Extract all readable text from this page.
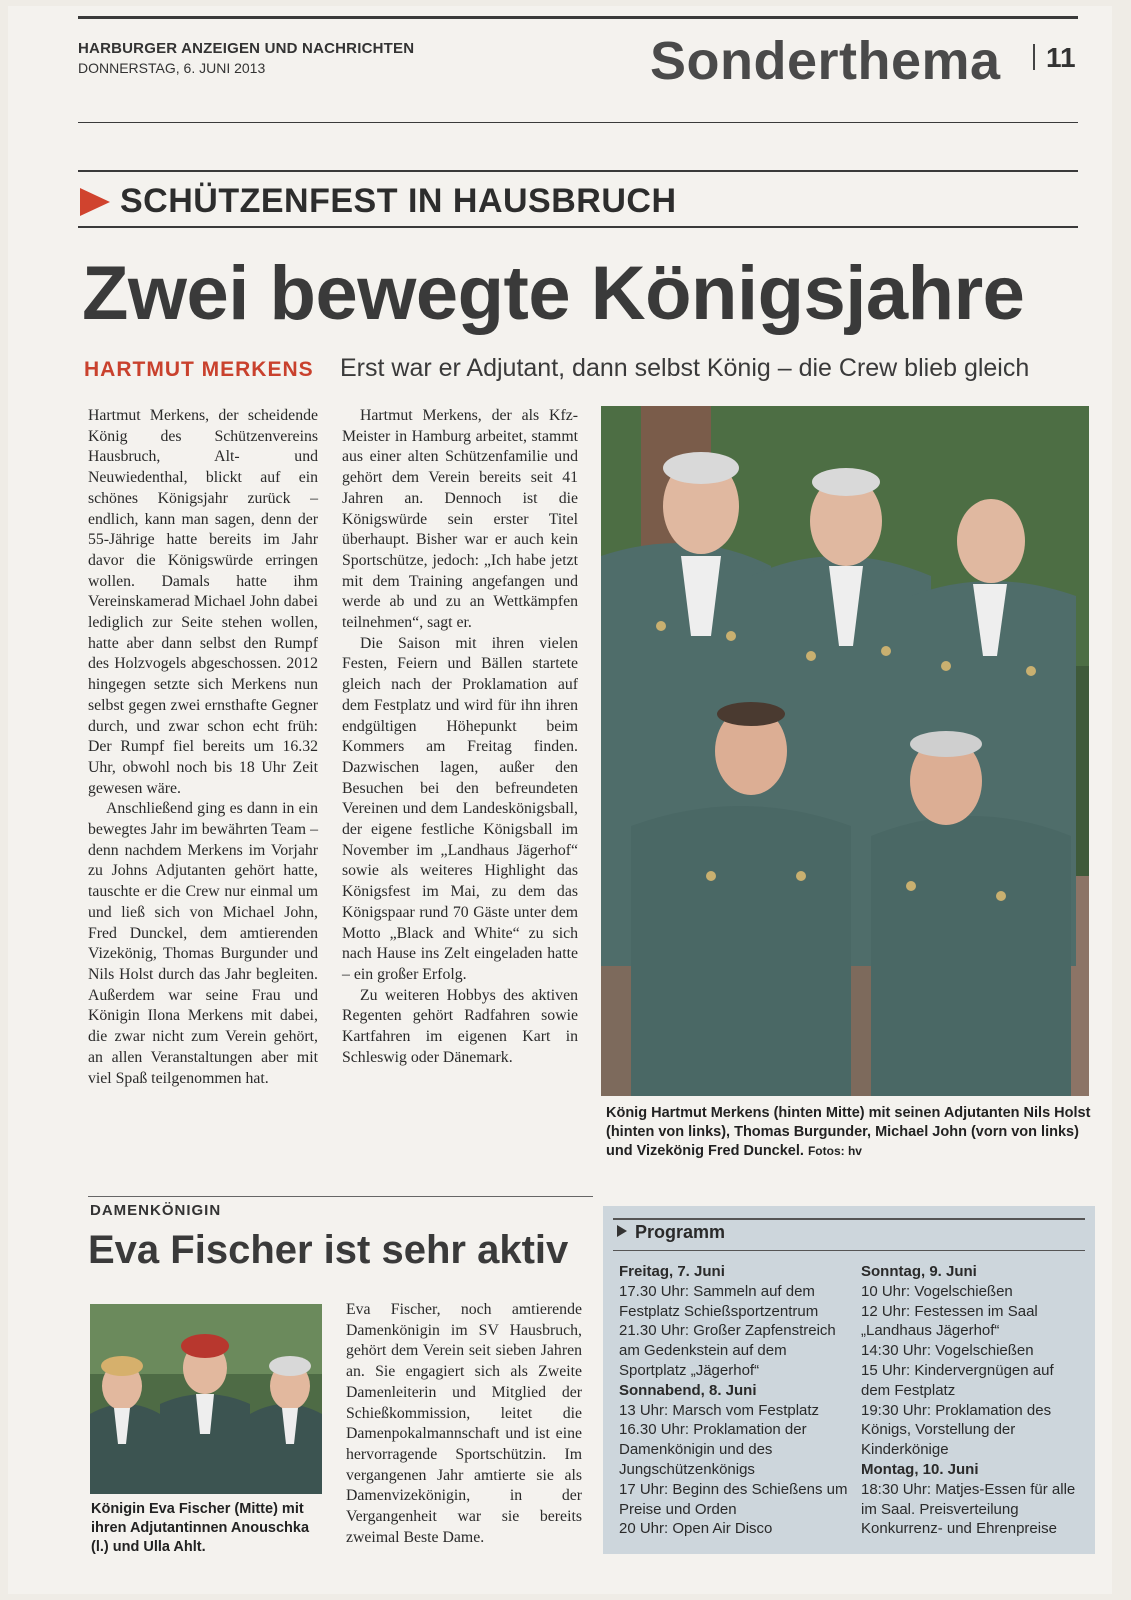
HARBURGER ANZEIGEN UND NACHRICHTEN
DONNERSTAG, 6. JUNI 2013	Sonderthema 11
SCHÜTZENFEST IN HAUSBRUCH
Zwei bewegte Königsjahre
HARTMUT MERKENS Erst war er Adjutant, dann selbst König – die Crew blieb gleich

Hartmut Merkens, der scheidende König des Schützenvereins Hausbruch, Alt- und Neuwiedenthal, blickt auf ein schönes Königsjahr zurück – endlich, kann man sagen, denn der 55-Jährige hatte bereits im Jahr davor die Königswürde erringen wollen. Damals hatte ihm Vereinskamerad Michael John dabei lediglich zur Seite stehen wollen, hatte aber dann selbst den Rumpf des Holzvogels abgeschossen. 2012 hingegen setzte sich Merkens nun selbst gegen zwei ernsthafte Gegner durch, und zwar schon echt früh: Der Rumpf fiel bereits um 16.32 Uhr, obwohl noch bis 18 Uhr Zeit gewesen wäre.

Anschließend ging es dann in ein bewegtes Jahr im bewährten Team – denn nachdem Merkens im Vorjahr zu Johns Adjutanten gehört hatte, tauschte er die Crew nur einmal um und ließ sich von Michael John, Fred Dunckel, dem amtierenden Vizekönig, Thomas Burgunder und Nils Holst durch das Jahr begleiten. Außerdem war seine Frau und Königin Ilona Merkens mit dabei, die zwar nicht zum Verein gehört, an allen Veranstaltungen aber mit viel Spaß teilgenommen hat.

Hartmut Merkens, der als Kfz-Meister in Hamburg arbeitet, stammt aus einer alten Schützenfamilie und gehört dem Verein bereits seit 41 Jahren an. Dennoch ist die Königswürde sein erster Titel überhaupt. Bisher war er auch kein Sportschütze, jedoch: „Ich habe jetzt mit dem Training angefangen und werde ab und zu an Wettkämpfen teilnehmen“, sagt er.

Die Saison mit ihren vielen Festen, Feiern und Bällen startete gleich nach der Proklamation auf dem Festplatz und wird für ihn ihren endgültigen Höhepunkt beim Kommers am Freitag finden. Dazwischen lagen, außer den Besuchen bei den befreundeten Vereinen und dem Landeskönigsball, der eigene festliche Königsball im November im „Landhaus Jägerhof“ sowie als weiteres Highlight das Königsfest im Mai, zu dem das Königspaar rund 70 Gäste unter dem Motto „Black and White“ zu sich nach Hause ins Zelt eingeladen hatte – ein großer Erfolg.

Zu weiteren Hobbys des aktiven Regenten gehört Radfahren sowie Kartfahren im eigenen Kart in Schleswig oder Dänemark.

König Hartmut Merkens (hinten Mitte) mit seinen Adjutanten Nils Holst (hinten von links), Thomas Burgunder, Michael John (vorn von links) und Vizekönig Fred Dunckel. Fotos: hv
DAMENKÖNIGIN
Eva Fischer ist sehr aktiv
Königin Eva Fischer (Mitte) mit ihren Adjutantinnen Anouschka (l.) und Ulla Ahlt.

Eva Fischer, noch amtierende Damenkönigin im SV Hausbruch, gehört dem Verein seit sieben Jahren an. Sie engagiert sich als Zweite Damenleiterin und Mitglied der Schießkommission, leitet die Damenpokalmannschaft und ist eine hervorragende Sportschützin. Im vergangenen Jahr amtierte sie als Damenvizekönigin, in der Vergangenheit war sie bereits zweimal Beste Dame.

Programm
Freitag, 7. Juni
17.30 Uhr: Sammeln auf dem Festplatz Schießsportzentrum
21.30 Uhr: Großer Zapfenstreich am Gedenkstein auf dem Sportplatz „Jägerhof“
Sonnabend, 8. Juni
13 Uhr: Marsch vom Festplatz
16.30 Uhr: Proklamation der Damenkönigin und des Jungschützenkönigs
17 Uhr: Beginn des Schießens um Preise und Orden
20 Uhr: Open Air Disco
Sonntag, 9. Juni
10 Uhr: Vogelschießen
12 Uhr: Festessen im Saal „Landhaus Jägerhof“
14:30 Uhr: Vogelschießen
15 Uhr: Kindervergnügen auf dem Festplatz
19:30 Uhr: Proklamation des Königs, Vorstellung der Kinderkönige
Montag, 10. Juni
18:30 Uhr: Matjes-Essen für alle im Saal. Preisverteilung Konkurrenz- und Ehrenpreise
